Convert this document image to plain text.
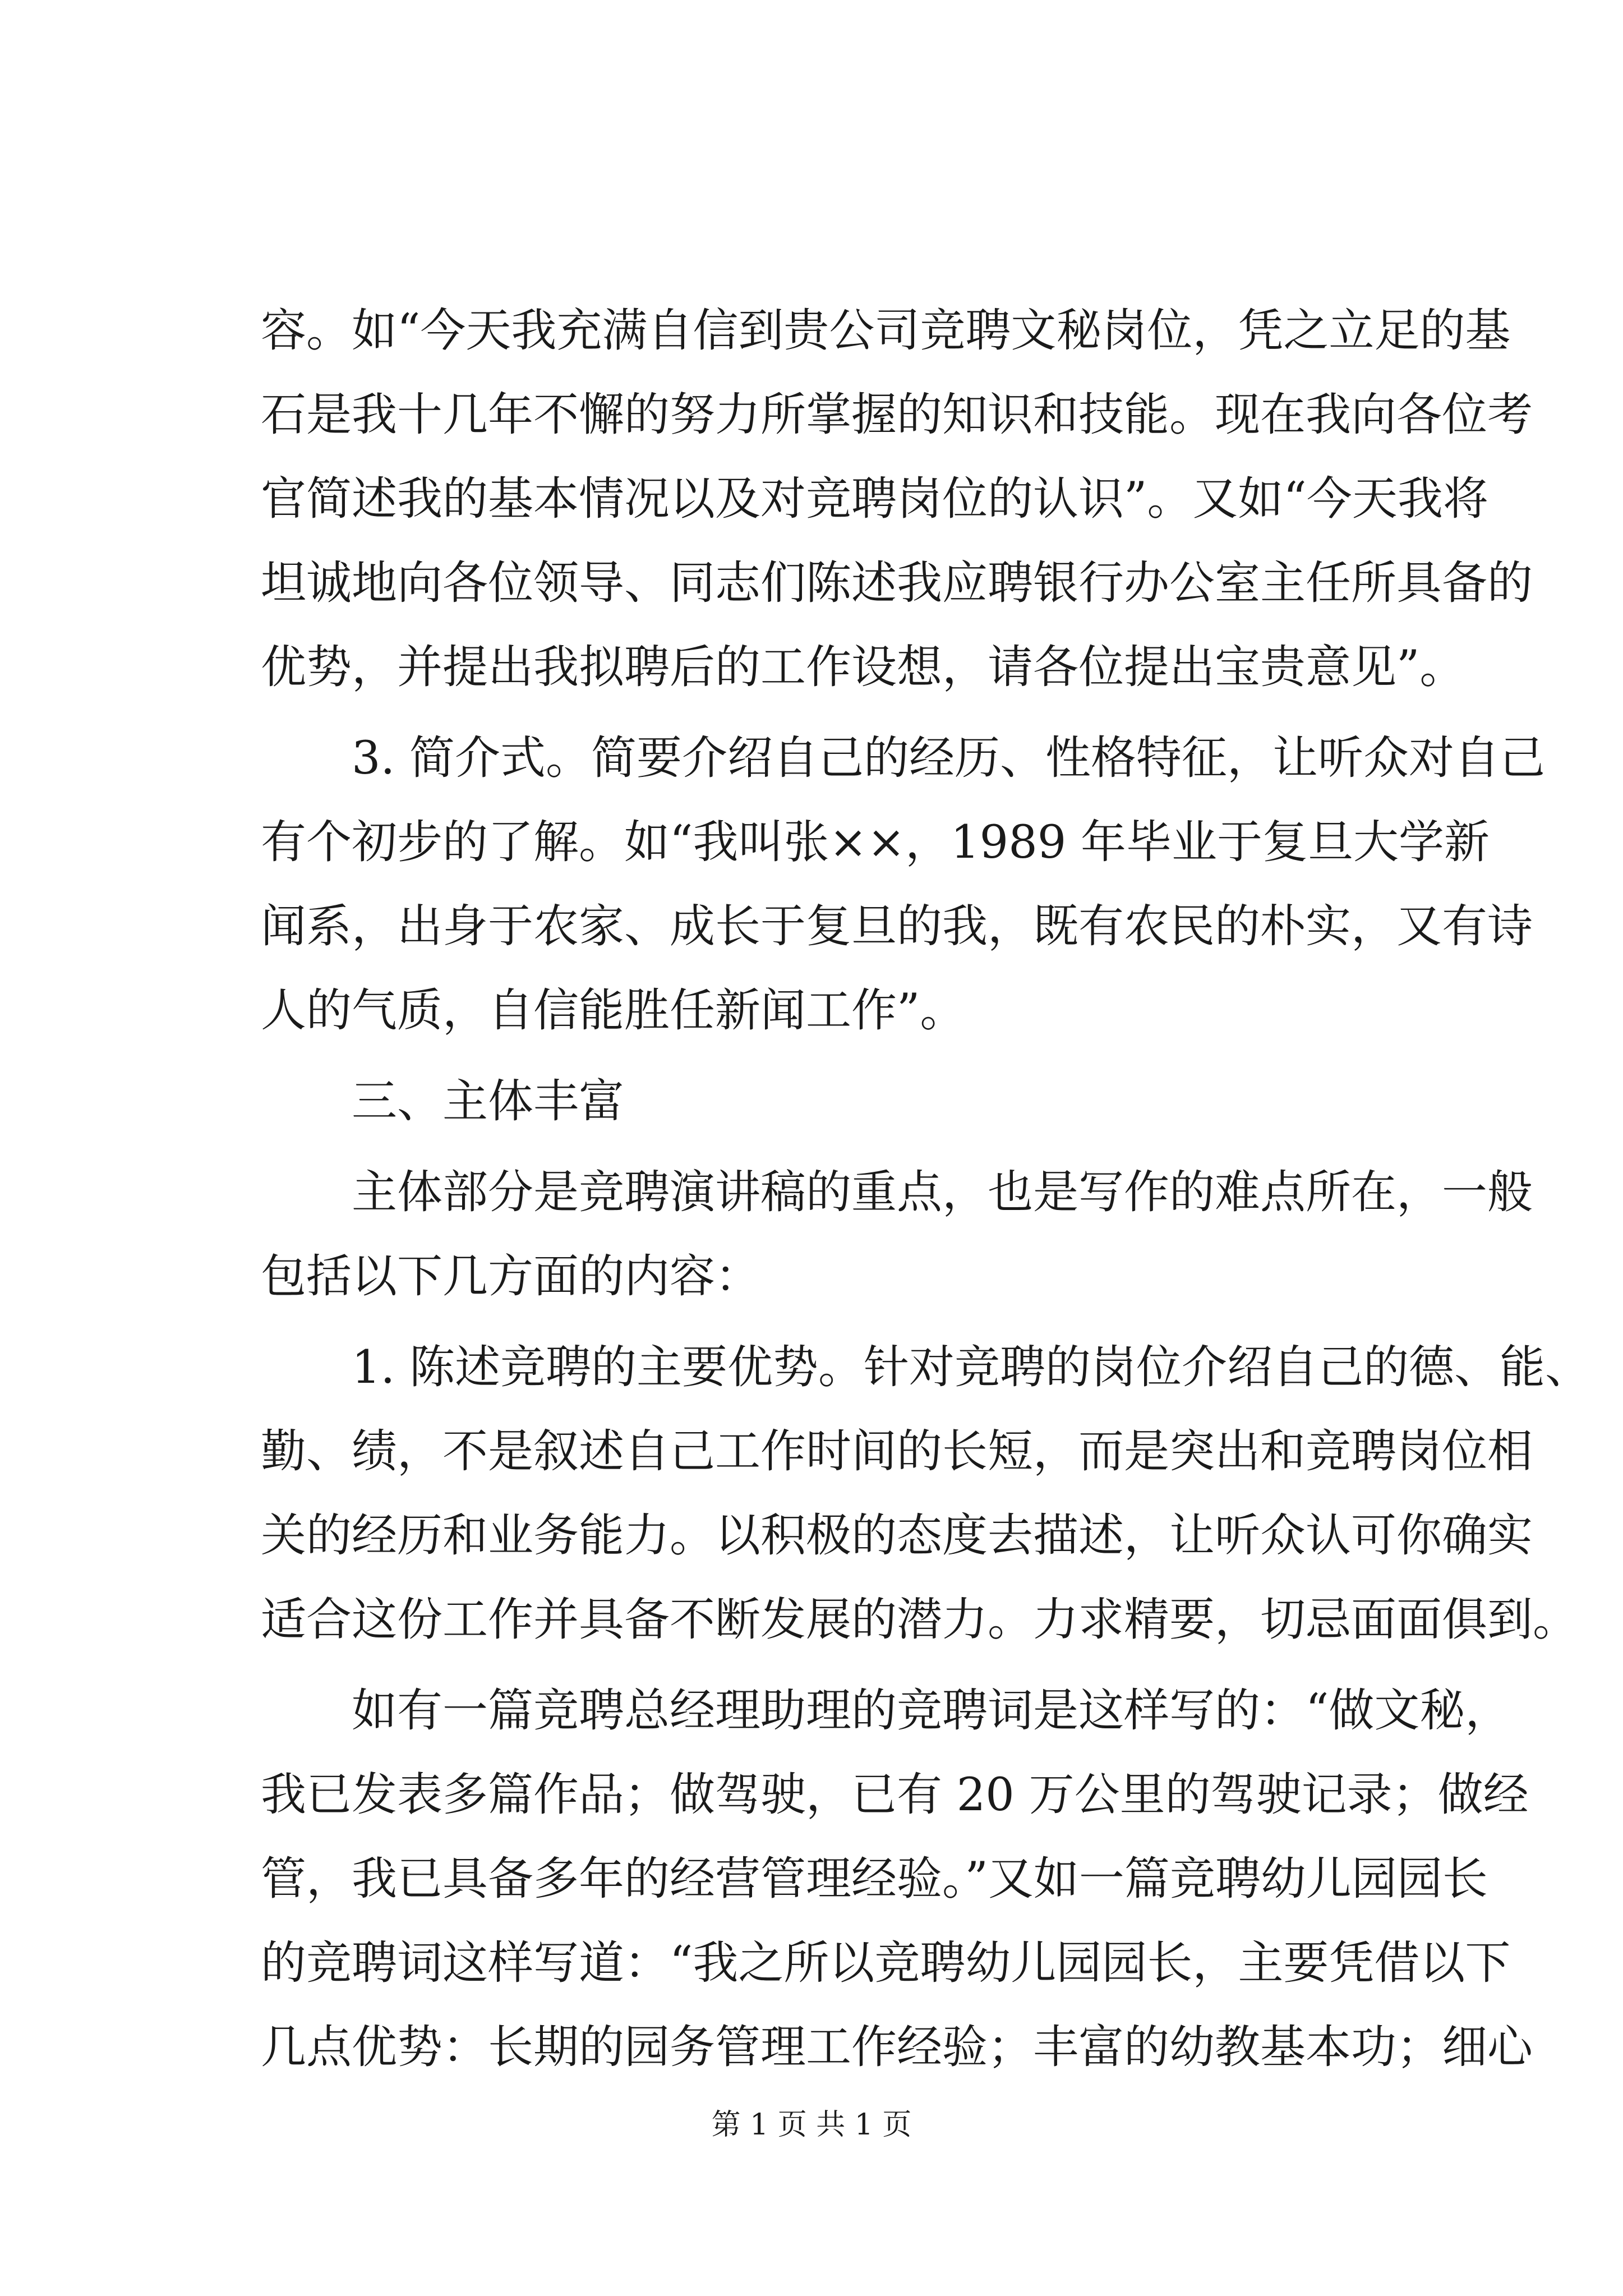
容。如“今天我充满自信到贵公司竞聘文秘岗位，凭之立足的基
石是我十几年不懈的努力所掌握的知识和技能。现在我向各位考
官简述我的基本情况以及对竞聘岗位的认识”。又如“今天我将
坦诚地向各位领导、同志们陈述我应聘银行办公室主任所具备的
优势，并提出我拟聘后的工作设想，请各位提出宝贵意见”。
3. 简介式。简要介绍自己的经历、性格特征，让听众对自己
有个初步的了解。如“我叫张××，1989 年毕业于复旦大学新
闻系，出身于农家、成长于复旦的我，既有农民的朴实，又有诗
人的气质，自信能胜任新闻工作”。
三、主体丰富
主体部分是竞聘演讲稿的重点，也是写作的难点所在，一般
包括以下几方面的内容：
1. 陈述竞聘的主要优势。针对竞聘的岗位介绍自己的德、能、
勤、绩，不是叙述自己工作时间的长短，而是突出和竞聘岗位相
关的经历和业务能力。以积极的态度去描述，让听众认可你确实
适合这份工作并具备不断发展的潜力。力求精要，切忌面面俱到。
如有一篇竞聘总经理助理的竞聘词是这样写的：“做文秘，
我已发表多篇作品；做驾驶，已有 20 万公里的驾驶记录；做经
管，我已具备多年的经营管理经验。”又如一篇竞聘幼儿园园长
的竞聘词这样写道：“我之所以竞聘幼儿园园长，主要凭借以下
几点优势：长期的园务管理工作经验；丰富的幼教基本功；细心
第 1 页 共 1 页
